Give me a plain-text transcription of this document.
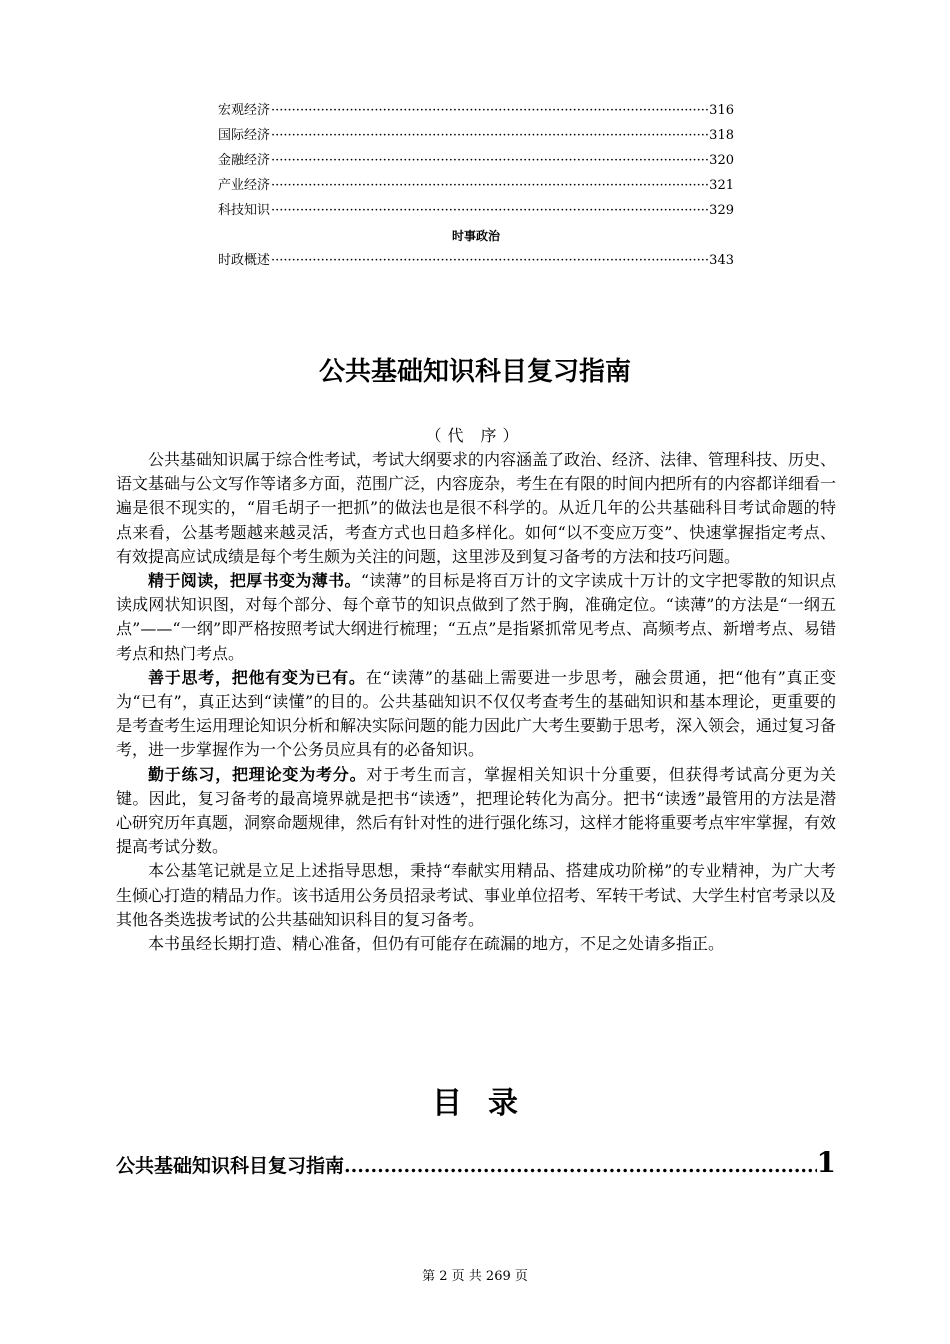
宏观经济 ·····	316
国际经济 ·····	318
金融经济 ·····	320
产业经济 ·····	321
科技知识 ·····	329
时事政治
时政概述 ·····	343
公共基础知识科目复习指南
（代 序）

公共基础知识属于综合性考试，考试大纲要求的内容涵盖了政治、经济、法律、管理科技、历史、语文基础与公文写作等诸多方面，范围广泛，内容庞杂，考生在有限的时间内把所有的内容都详细看一遍是很不现实的，“眉毛胡子一把抓”的做法也是很不科学的。从近几年的公共基础科目考试命题的特点来看，公基考题越来越灵活，考查方式也日趋多样化。如何“以不变应万变”、快速掌握指定考点、有效提高应试成绩是每个考生颇为关注的问题，这里涉及到复习备考的方法和技巧问题。

精于阅读，把厚书变为薄书。“读薄”的目标是将百万计的文字读成十万计的文字把零散的知识点读成网状知识图，对每个部分、每个章节的知识点做到了然于胸，准确定位。“读薄”的方法是“一纲五点”——“一纲”即严格按照考试大纲进行梳理；“五点”是指紧抓常见考点、高频考点、新增考点、易错考点和热门考点。

善于思考，把他有变为已有。在“读薄”的基础上需要进一步思考，融会贯通，把“他有”真正变为“已有”，真正达到“读懂”的目的。公共基础知识不仅仅考查考生的基础知识和基本理论，更重要的是考查考生运用理论知识分析和解决实际问题的能力因此广大考生要勤于思考，深入领会，通过复习备考，进一步掌握作为一个公务员应具有的必备知识。

勤于练习，把理论变为考分。对于考生而言，掌握相关知识十分重要，但获得考试高分更为关键。因此，复习备考的最高境界就是把书“读透”，把理论转化为高分。把书“读透”最管用的方法是潜心研究历年真题，洞察命题规律，然后有针对性的进行强化练习，这样才能将重要考点牢牢掌握，有效提高考试分数。

本公基笔记就是立足上述指导思想，秉持“奉献实用精品、搭建成功阶梯”的专业精神，为广大考生倾心打造的精品力作。该书适用公务员招录考试、事业单位招考、军转干考试、大学生村官考录以及其他各类选拔考试的公共基础知识科目的复习备考。

本书虽经长期打造、精心准备，但仍有可能存在疏漏的地方，不足之处请多指正。

目录
公共基础知识科目复习指南 .....	1
第 2 页 共 269 页
